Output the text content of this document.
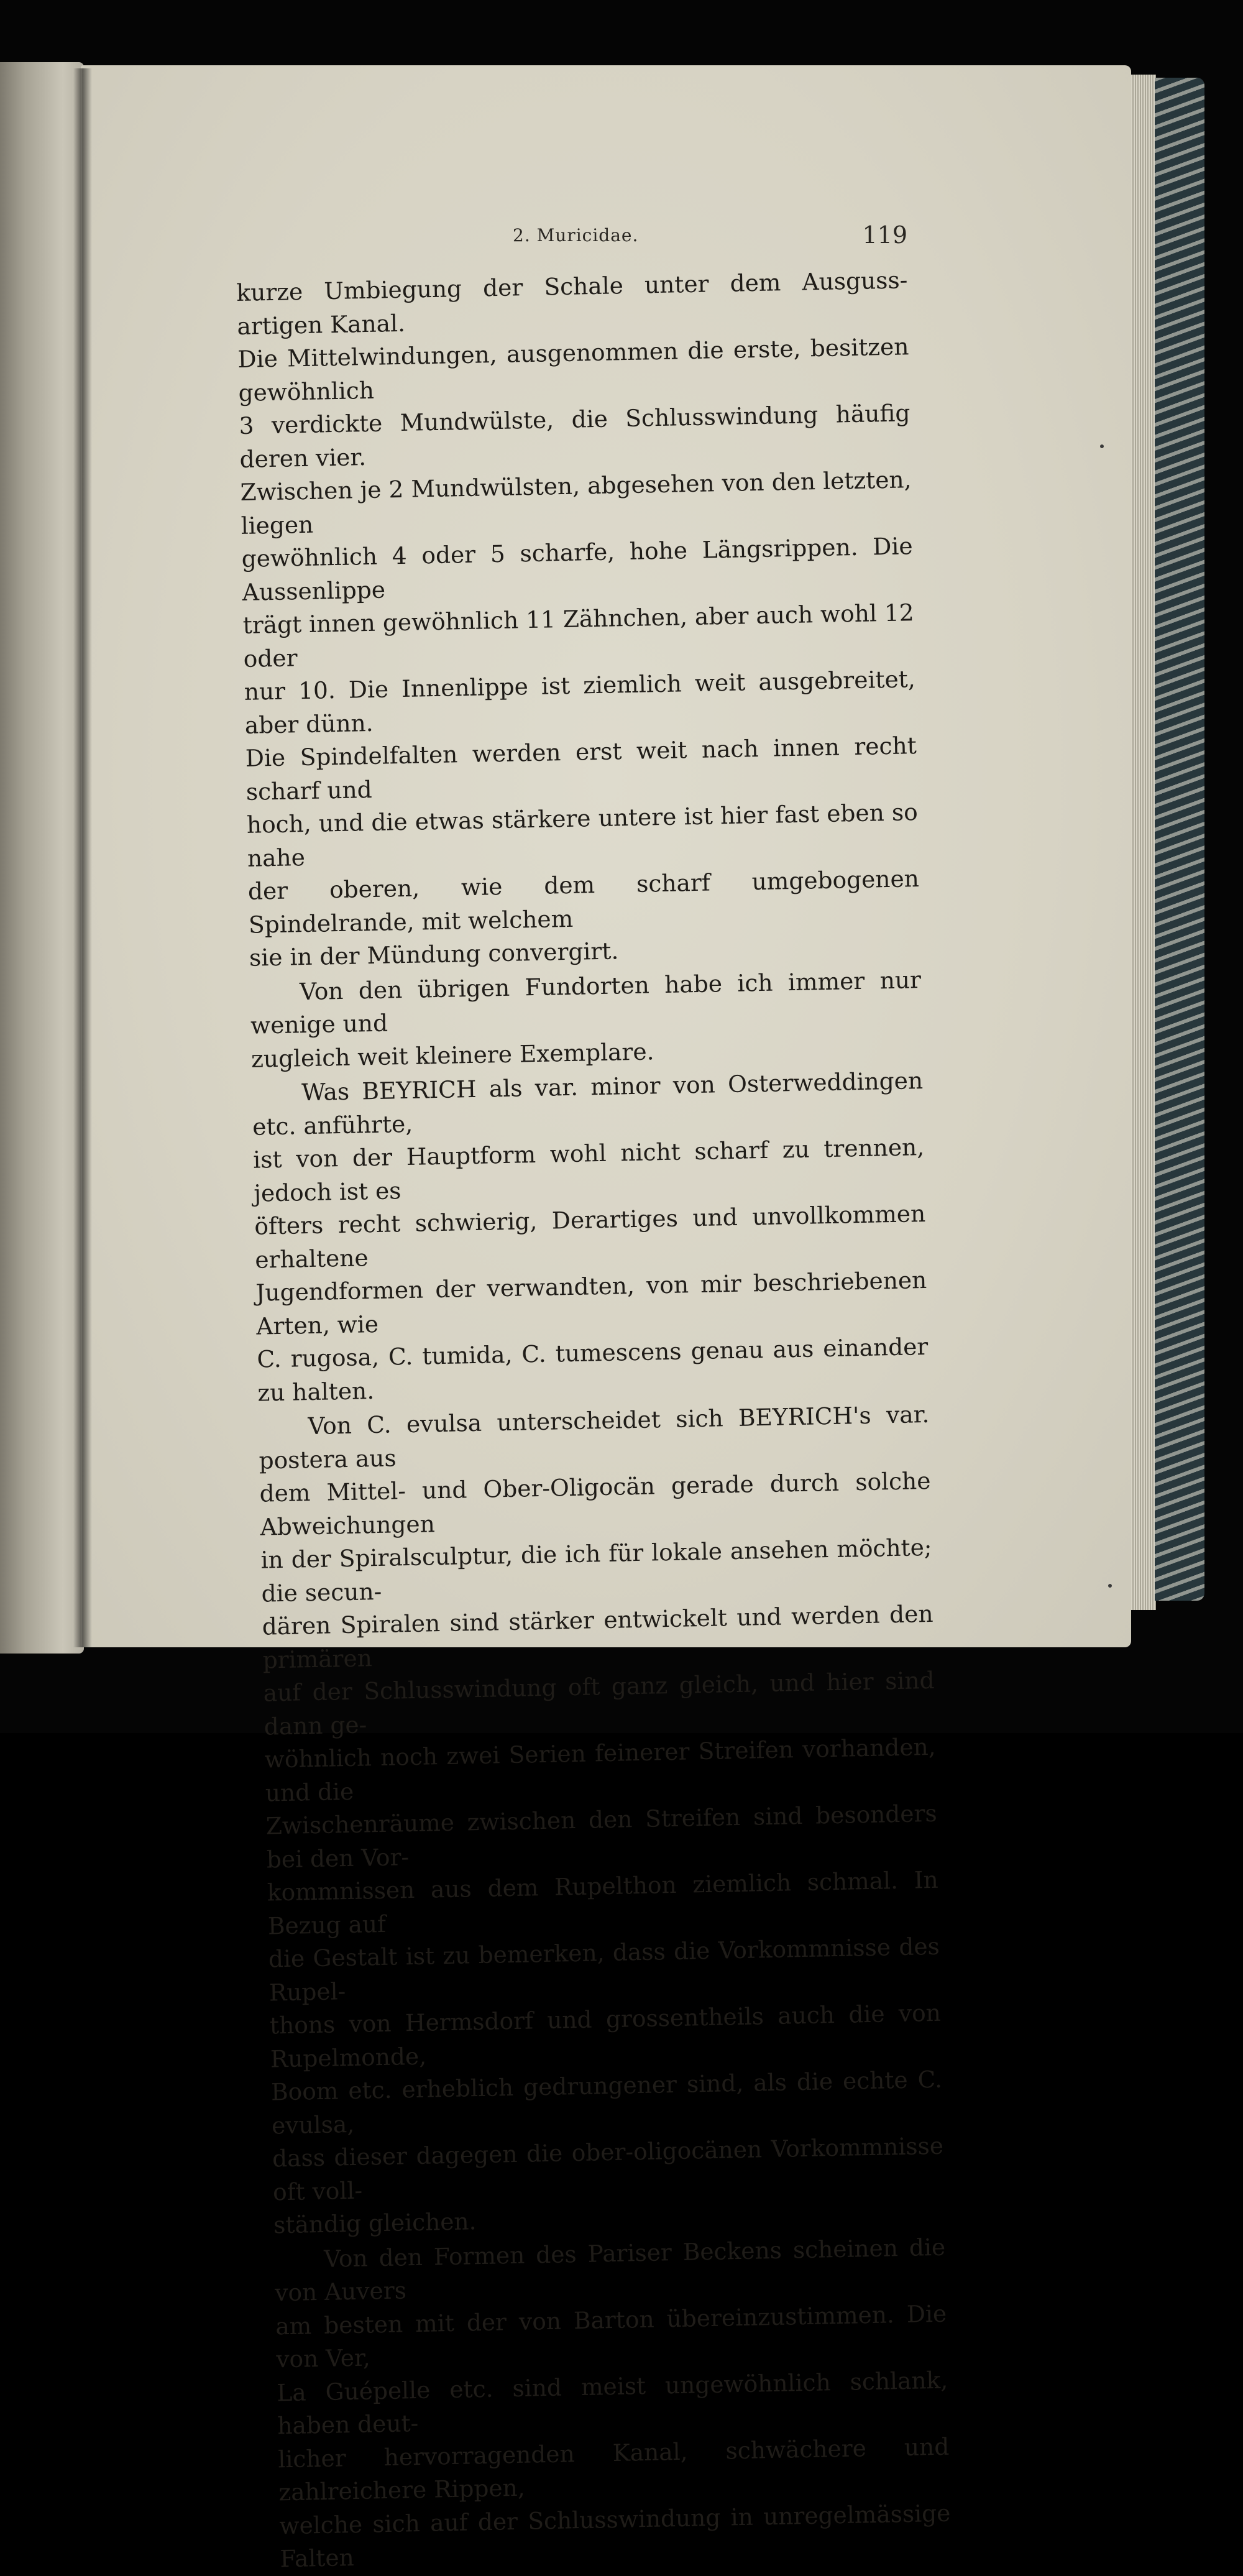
2. Muricidae.	119

kurze Umbiegung der Schale unter dem Ausguss-artigen Kanal.
Die Mittelwindungen, ausgenommen die erste, besitzen gewöhnlich
3 verdickte Mundwülste, die Schlusswindung häufig deren vier.
Zwischen je 2 Mundwülsten, abgesehen von den letzten, liegen
gewöhnlich 4 oder 5 scharfe, hohe Längsrippen. Die Aussenlippe
trägt innen gewöhnlich 11 Zähnchen, aber auch wohl 12 oder
nur 10. Die Innenlippe ist ziemlich weit ausgebreitet, aber dünn.
Die Spindelfalten werden erst weit nach innen recht scharf und
hoch, und die etwas stärkere untere ist hier fast eben so nahe
der oberen, wie dem scharf umgebogenen Spindelrande, mit welchem
sie in der Mündung convergirt.

Von den übrigen Fundorten habe ich immer nur wenige und
zugleich weit kleinere Exemplare.

Was BEYRICH als var. minor von Osterweddingen etc. anführte,
ist von der Hauptform wohl nicht scharf zu trennen, jedoch ist es
öfters recht schwierig, Derartiges und unvollkommen erhaltene
Jugendformen der verwandten, von mir beschriebenen Arten, wie
C. rugosa, C. tumida, C. tumescens genau aus einander zu halten.

Von C. evulsa unterscheidet sich BEYRICH's var. postera aus
dem Mittel- und Ober-Oligocän gerade durch solche Abweichungen
in der Spiralsculptur, die ich für lokale ansehen möchte; die secun-
dären Spiralen sind stärker entwickelt und werden den primären
auf der Schlusswindung oft ganz gleich, und hier sind dann ge-
wöhnlich noch zwei Serien feinerer Streifen vorhanden, und die
Zwischenräume zwischen den Streifen sind besonders bei den Vor-
kommnissen aus dem Rupelthon ziemlich schmal. In Bezug auf
die Gestalt ist zu bemerken, dass die Vorkommnisse des Rupel-
thons von Hermsdorf und grossentheils auch die von Rupelmonde,
Boom etc. erheblich gedrungener sind, als die echte C. evulsa,
dass dieser dagegen die ober-oligocänen Vorkommnisse oft voll-
ständig gleichen.

Von den Formen des Pariser Beckens scheinen die von Auvers
am besten mit der von Barton übereinzustimmen. Die von Ver,
La Guépelle etc. sind meist ungewöhnlich schlank, haben deut-
licher hervorragenden Kanal, schwächere und zahlreichere Rippen,
welche sich auf der Schlusswindung in unregelmässige Falten
